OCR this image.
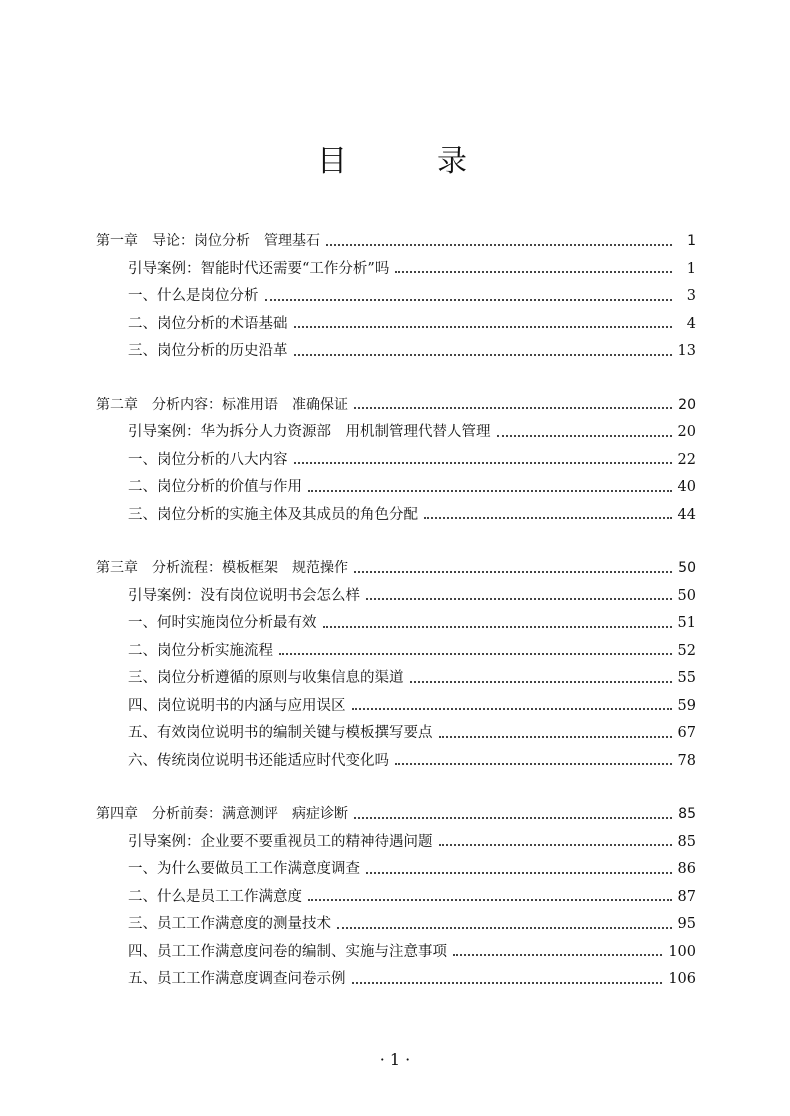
目　录
第一章　导论：岗位分析　管理基石	1
引导案例：智能时代还需要“工作分析”吗	1
一、什么是岗位分析	3
二、岗位分析的术语基础	4
三、岗位分析的历史沿革	13
第二章　分析内容：标准用语　准确保证	20
引导案例：华为拆分人力资源部　用机制管理代替人管理	20
一、岗位分析的八大内容	22
二、岗位分析的价值与作用	40
三、岗位分析的实施主体及其成员的角色分配	44
第三章　分析流程：模板框架　规范操作	50
引导案例：没有岗位说明书会怎么样	50
一、何时实施岗位分析最有效	51
二、岗位分析实施流程	52
三、岗位分析遵循的原则与收集信息的渠道	55
四、岗位说明书的内涵与应用误区	59
五、有效岗位说明书的编制关键与模板撰写要点	67
六、传统岗位说明书还能适应时代变化吗	78
第四章　分析前奏：满意测评　病症诊断	85
引导案例：企业要不要重视员工的精神待遇问题	85
一、为什么要做员工工作满意度调查	86
二、什么是员工工作满意度	87
三、员工工作满意度的测量技术	95
四、员工工作满意度问卷的编制、实施与注意事项	100
五、员工工作满意度调查问卷示例	106
· 1 ·
